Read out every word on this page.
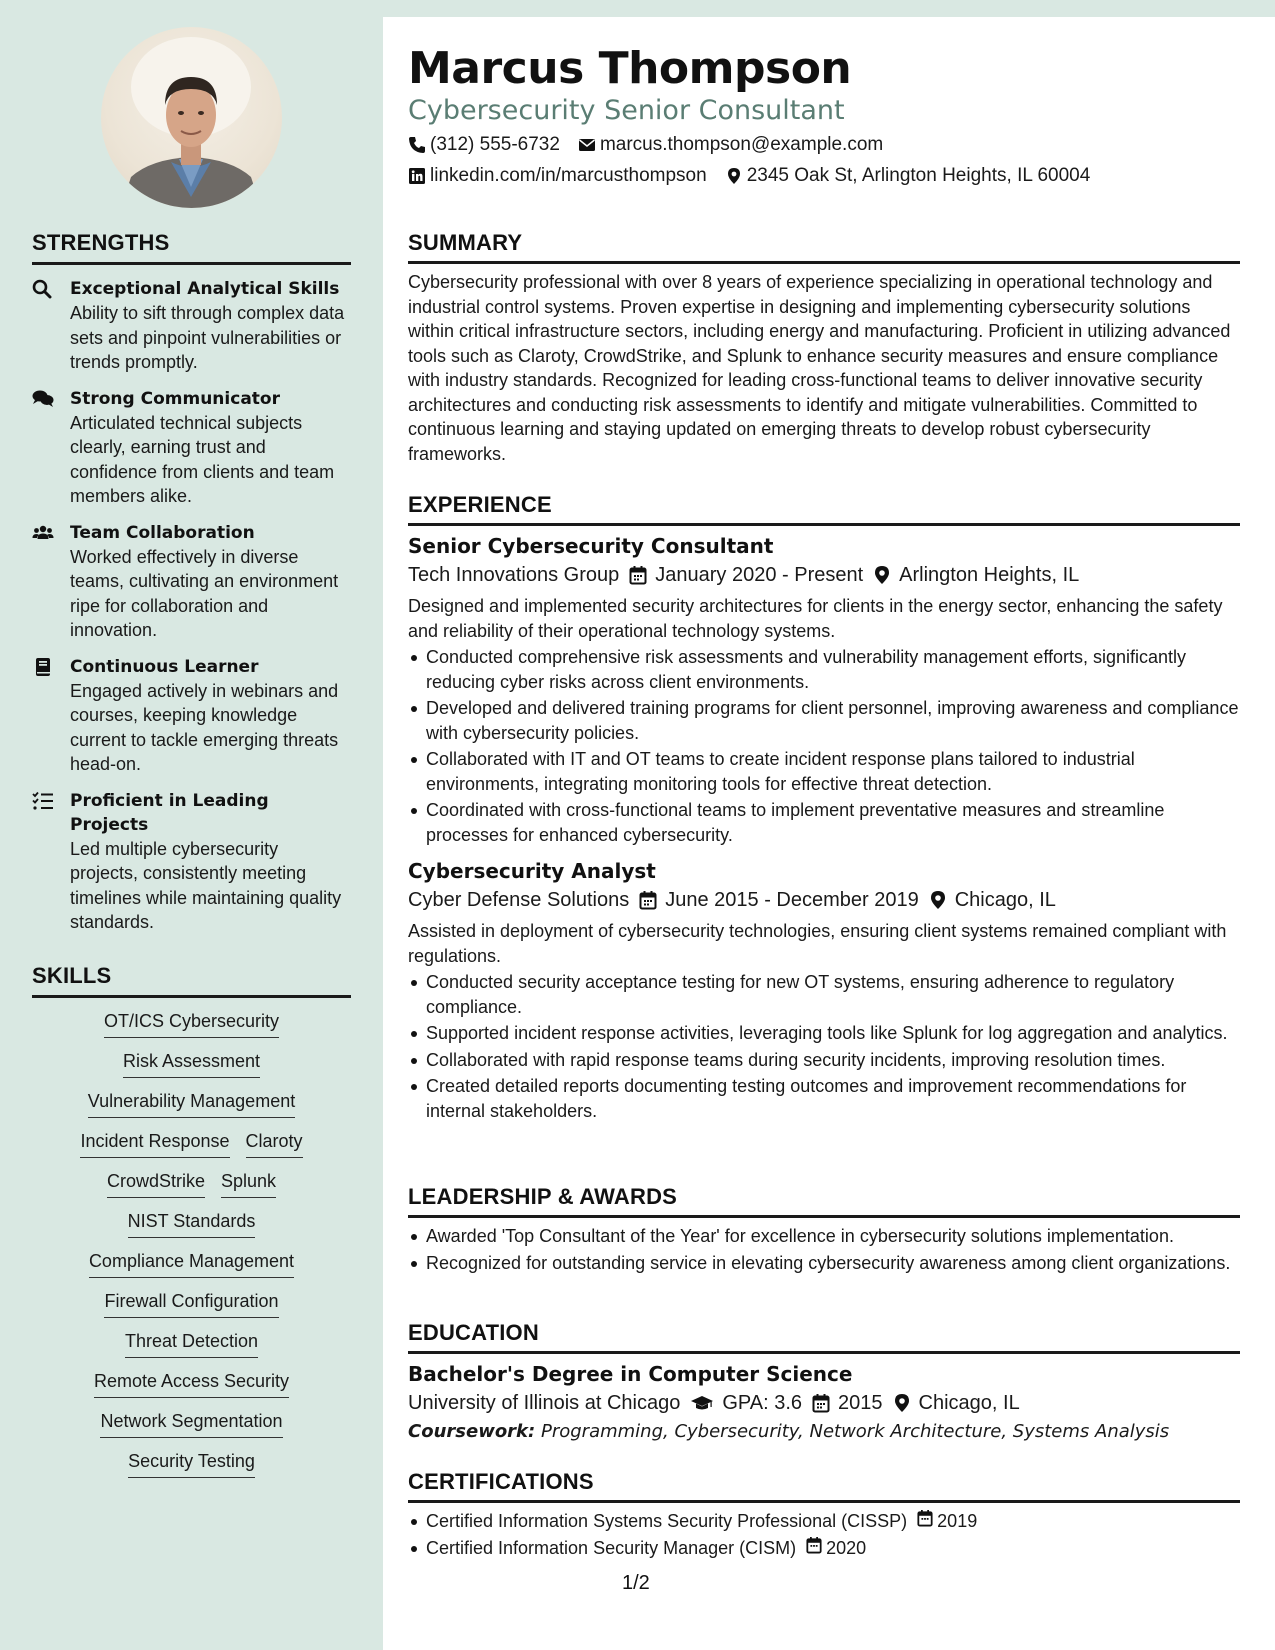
STRENGTHS
Exceptional Analytical Skills
Ability to sift through complex data sets and pinpoint vulnerabilities or trends promptly.
Strong Communicator
Articulated technical subjects clearly, earning trust and confidence from clients and team members alike.
Team Collaboration
Worked effectively in diverse teams, cultivating an environment ripe for collaboration and innovation.
Continuous Learner
Engaged actively in webinars and courses, keeping knowledge current to tackle emerging threats head-on.
Proficient in Leading Projects
Led multiple cybersecurity projects, consistently meeting timelines while maintaining quality standards.
SKILLS
OT/ICS Cybersecurity
Risk Assessment
Vulnerability Management
Incident Response Claroty
CrowdStrike Splunk
NIST Standards
Compliance Management
Firewall Configuration
Threat Detection
Remote Access Security
Network Segmentation
Security Testing
Marcus Thompson
Cybersecurity Senior Consultant
(312) 555-6732 marcus.thompson@example.com
linkedin.com/in/marcusthompson 2345 Oak St, Arlington Heights, IL 60004
SUMMARY
Cybersecurity professional with over 8 years of experience specializing in operational technology and industrial control systems. Proven expertise in designing and implementing cybersecurity solutions within critical infrastructure sectors, including energy and manufacturing. Proficient in utilizing advanced tools such as Claroty, CrowdStrike, and Splunk to enhance security measures and ensure compliance with industry standards. Recognized for leading cross-functional teams to deliver innovative security architectures and conducting risk assessments to identify and mitigate vulnerabilities. Committed to continuous learning and staying updated on emerging threats to develop robust cybersecurity frameworks.
EXPERIENCE
Senior Cybersecurity Consultant
Tech Innovations Group January 2020 - Present Arlington Heights, IL
Designed and implemented security architectures for clients in the energy sector, enhancing the safety and reliability of their operational technology systems.
Conducted comprehensive risk assessments and vulnerability management efforts, significantly reducing cyber risks across client environments.
Developed and delivered training programs for client personnel, improving awareness and compliance with cybersecurity policies.
Collaborated with IT and OT teams to create incident response plans tailored to industrial environments, integrating monitoring tools for effective threat detection.
Coordinated with cross-functional teams to implement preventative measures and streamline processes for enhanced cybersecurity.
Cybersecurity Analyst
Cyber Defense Solutions June 2015 - December 2019 Chicago, IL
Assisted in deployment of cybersecurity technologies, ensuring client systems remained compliant with regulations.
Conducted security acceptance testing for new OT systems, ensuring adherence to regulatory compliance.
Supported incident response activities, leveraging tools like Splunk for log aggregation and analytics.
Collaborated with rapid response teams during security incidents, improving resolution times.
Created detailed reports documenting testing outcomes and improvement recommendations for internal stakeholders.
LEADERSHIP & AWARDS
Awarded 'Top Consultant of the Year' for excellence in cybersecurity solutions implementation.
Recognized for outstanding service in elevating cybersecurity awareness among client organizations.
EDUCATION
Bachelor's Degree in Computer Science
University of Illinois at Chicago GPA: 3.6 2015 Chicago, IL
Coursework: Programming, Cybersecurity, Network Architecture, Systems Analysis
CERTIFICATIONS
Certified Information Systems Security Professional (CISSP) 2019
Certified Information Security Manager (CISM) 2020
1/2
